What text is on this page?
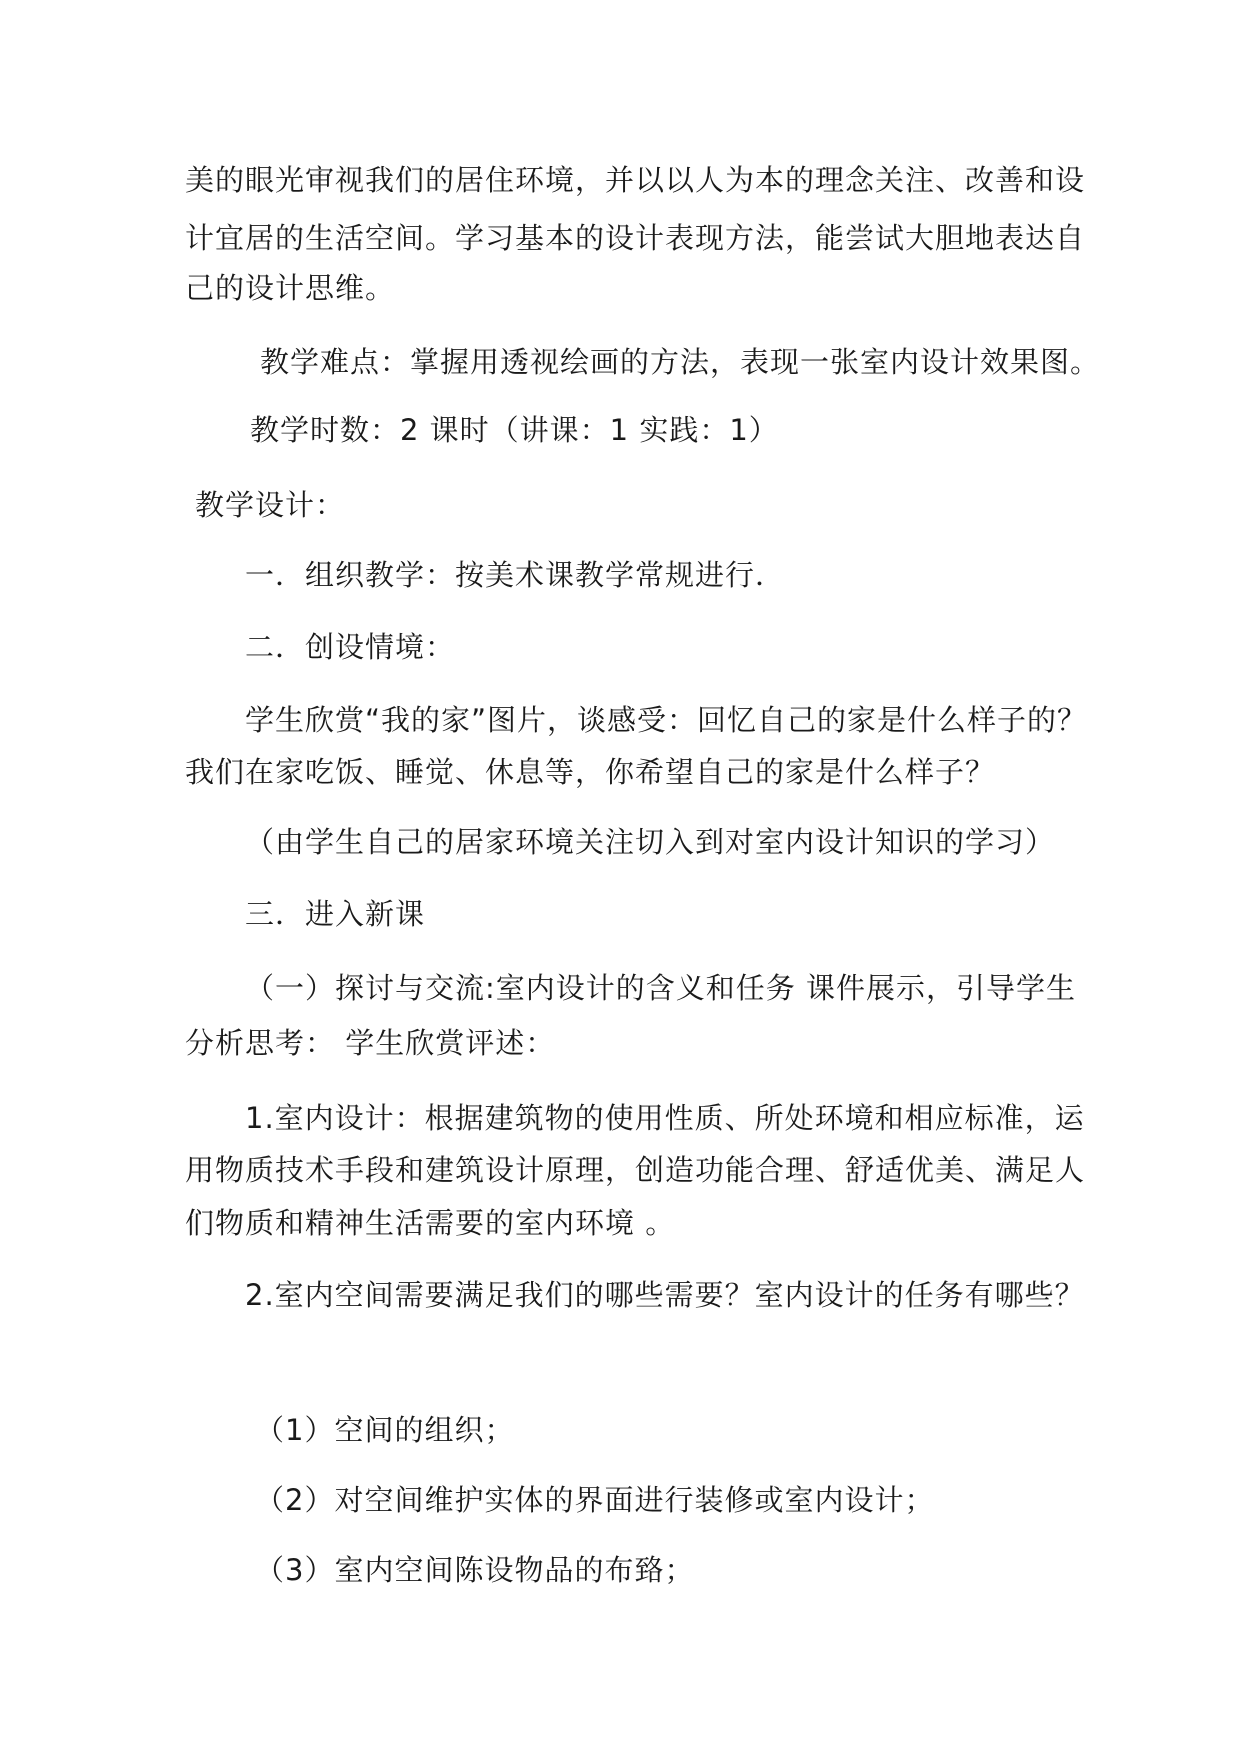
美的眼光审视我们的居住环境，并以以人为本的理念关注、改善和设
计宜居的生活空间。学习基本的设计表现方法，能尝试大胆地表达自
己的设计思维。
教学难点：掌握用透视绘画的方法，表现一张室内设计效果图。
教学时数：2 课时（讲课：1 实践：1）
教学设计：
一．组织教学：按美术课教学常规进行．
二．创设情境：
学生欣赏“我的家”图片，谈感受：回忆自己的家是什么样子的？
我们在家吃饭、睡觉、休息等，你希望自己的家是什么样子？
（由学生自己的居家环境关注切入到对室内设计知识的学习）
三．进入新课
（一）探讨与交流:室内设计的含义和任务 课件展示，引导学生
分析思考： 学生欣赏评述：
1.室内设计：根据建筑物的使用性质、所处环境和相应标准，运
用物质技术手段和建筑设计原理，创造功能合理、舒适优美、满足人
们物质和精神生活需要的室内环境 。
2.室内空间需要满足我们的哪些需要？室内设计的任务有哪些？
（1）空间的组织；
（2）对空间维护实体的界面进行装修或室内设计；
（3）室内空间陈设物品的布臵；
